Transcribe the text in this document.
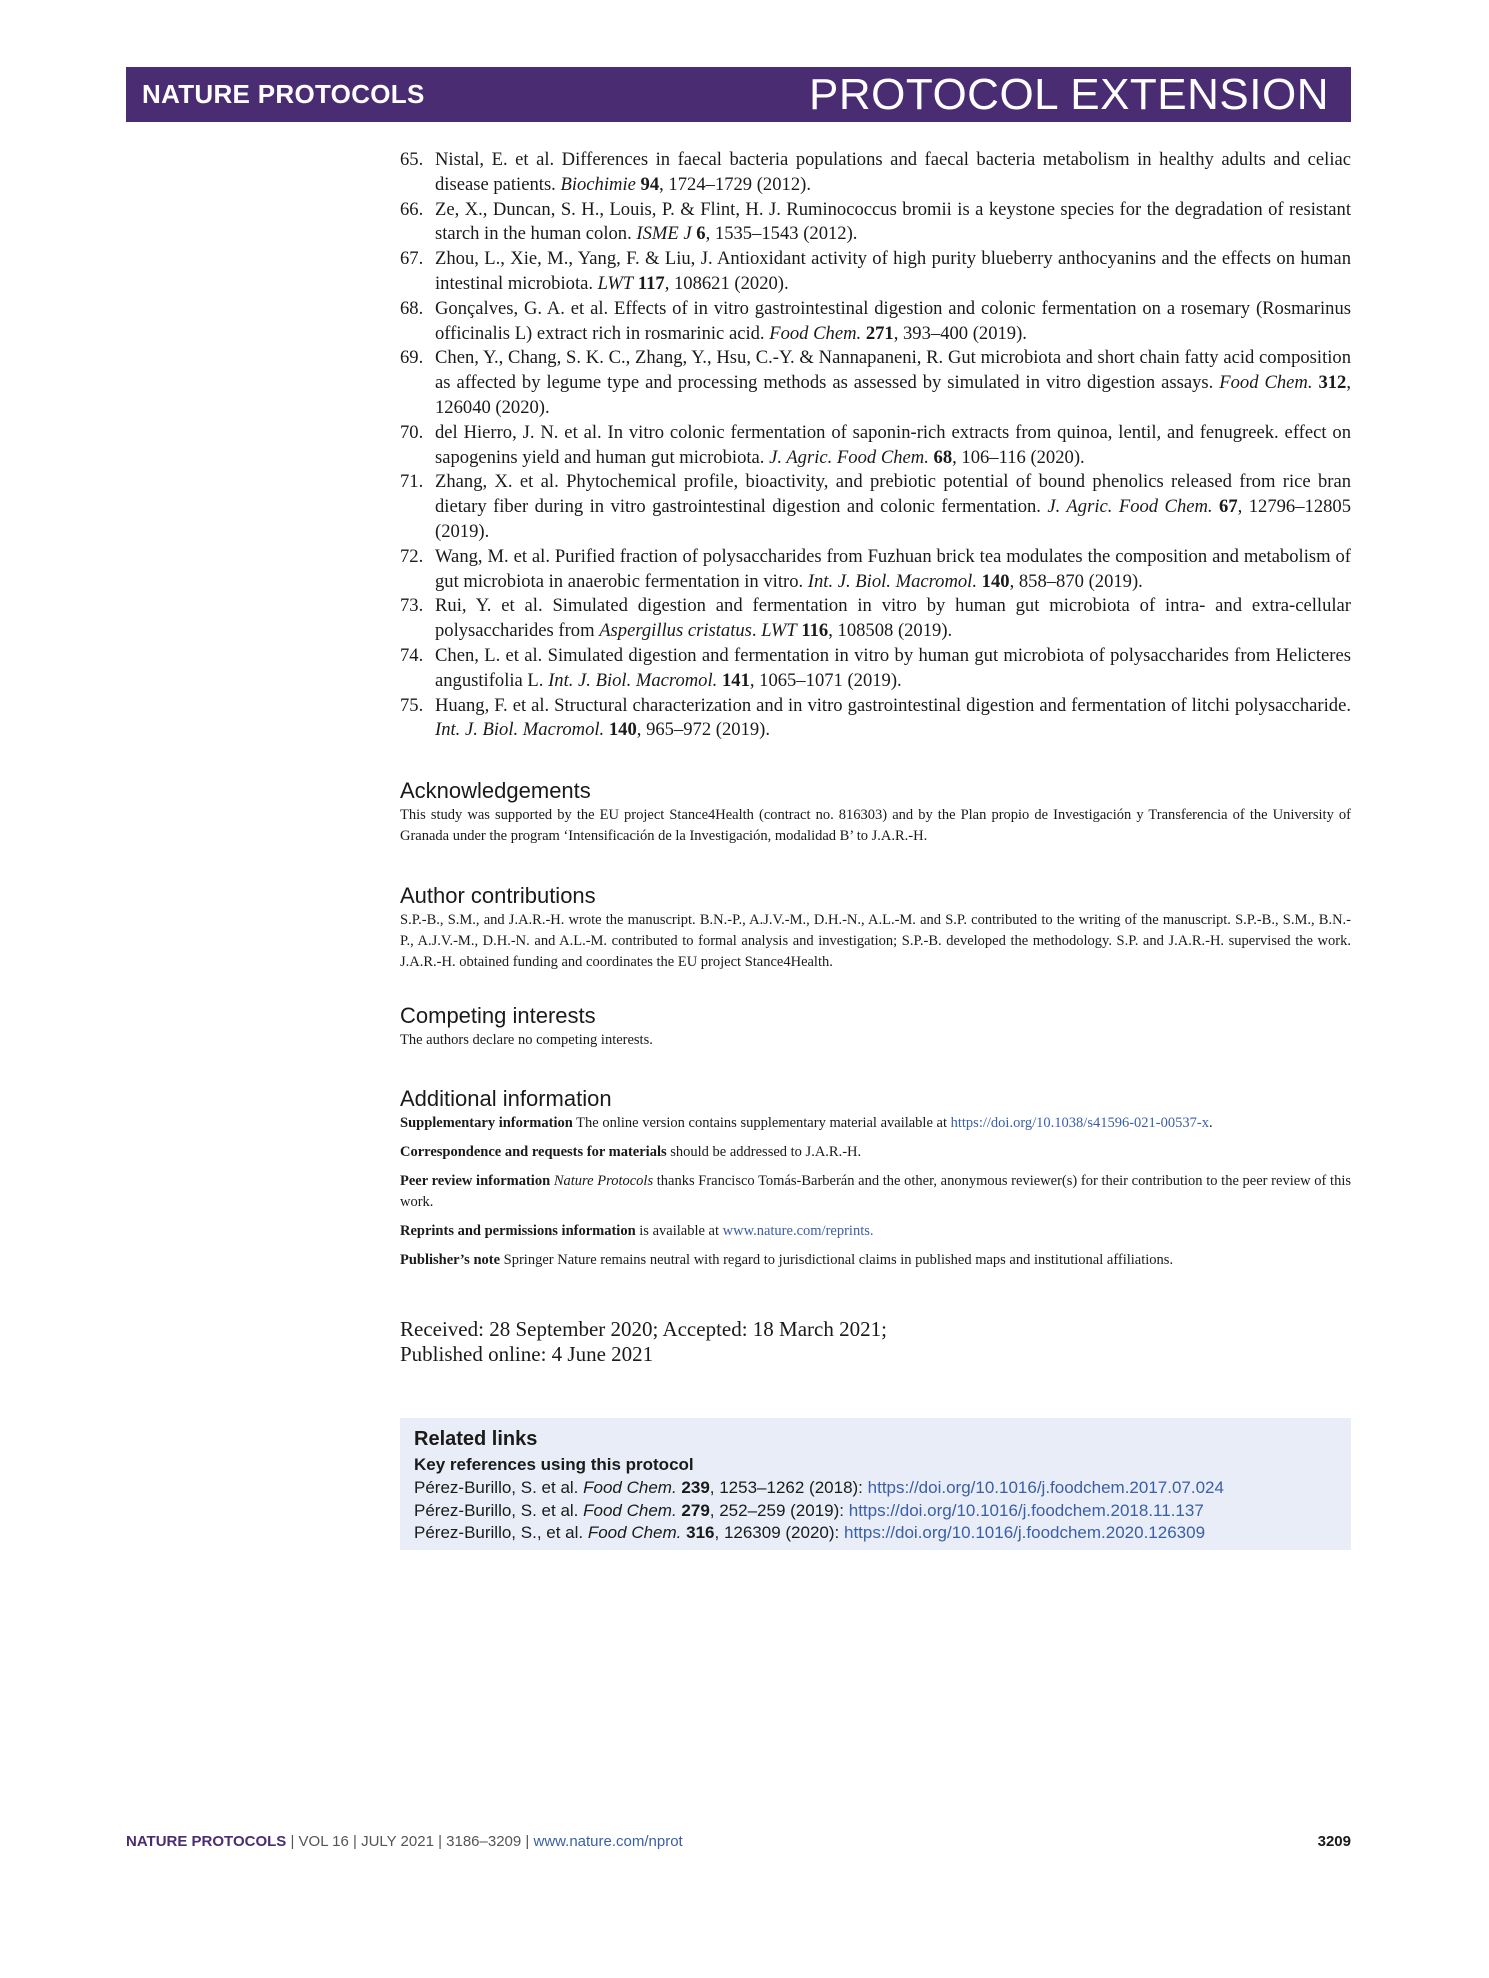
NATURE PROTOCOLS	PROTOCOL EXTENSION
65. Nistal, E. et al. Differences in faecal bacteria populations and faecal bacteria metabolism in healthy adults and celiac disease patients. Biochimie 94, 1724–1729 (2012).
66. Ze, X., Duncan, S. H., Louis, P. & Flint, H. J. Ruminococcus bromii is a keystone species for the degradation of resistant starch in the human colon. ISME J 6, 1535–1543 (2012).
67. Zhou, L., Xie, M., Yang, F. & Liu, J. Antioxidant activity of high purity blueberry anthocyanins and the effects on human intestinal microbiota. LWT 117, 108621 (2020).
68. Gonçalves, G. A. et al. Effects of in vitro gastrointestinal digestion and colonic fermentation on a rosemary (Rosmarinus officinalis L) extract rich in rosmarinic acid. Food Chem. 271, 393–400 (2019).
69. Chen, Y., Chang, S. K. C., Zhang, Y., Hsu, C.-Y. & Nannapaneni, R. Gut microbiota and short chain fatty acid composition as affected by legume type and processing methods as assessed by simulated in vitro digestion assays. Food Chem. 312, 126040 (2020).
70. del Hierro, J. N. et al. In vitro colonic fermentation of saponin-rich extracts from quinoa, lentil, and fenugreek. effect on sapogenins yield and human gut microbiota. J. Agric. Food Chem. 68, 106–116 (2020).
71. Zhang, X. et al. Phytochemical profile, bioactivity, and prebiotic potential of bound phenolics released from rice bran dietary fiber during in vitro gastrointestinal digestion and colonic fermentation. J. Agric. Food Chem. 67, 12796–12805 (2019).
72. Wang, M. et al. Purified fraction of polysaccharides from Fuzhuan brick tea modulates the composition and metabolism of gut microbiota in anaerobic fermentation in vitro. Int. J. Biol. Macromol. 140, 858–870 (2019).
73. Rui, Y. et al. Simulated digestion and fermentation in vitro by human gut microbiota of intra- and extra-cellular polysaccharides from Aspergillus cristatus. LWT 116, 108508 (2019).
74. Chen, L. et al. Simulated digestion and fermentation in vitro by human gut microbiota of polysaccharides from Helicteres angustifolia L. Int. J. Biol. Macromol. 141, 1065–1071 (2019).
75. Huang, F. et al. Structural characterization and in vitro gastrointestinal digestion and fermentation of litchi polysaccharide. Int. J. Biol. Macromol. 140, 965–972 (2019).
Acknowledgements

This study was supported by the EU project Stance4Health (contract no. 816303) and by the Plan propio de Investigación y Transferencia of the University of Granada under the program ‘Intensificación de la Investigación, modalidad B’ to J.A.R.-H.

Author contributions

S.P.-B., S.M., and J.A.R.-H. wrote the manuscript. B.N.-P., A.J.V.-M., D.H.-N., A.L.-M. and S.P. contributed to the writing of the manuscript. S.P.-B., S.M., B.N.-P., A.J.V.-M., D.H.-N. and A.L.-M. contributed to formal analysis and investigation; S.P.-B. developed the methodology. S.P. and J.A.R.-H. supervised the work. J.A.R.-H. obtained funding and coordinates the EU project Stance4Health.

Competing interests

The authors declare no competing interests.

Additional information

Supplementary information The online version contains supplementary material available at https://doi.org/10.1038/s41596-021-00537-x.

Correspondence and requests for materials should be addressed to J.A.R.-H.

Peer review information Nature Protocols thanks Francisco Tomás-Barberán and the other, anonymous reviewer(s) for their contribution to the peer review of this work.

Reprints and permissions information is available at www.nature.com/reprints.

Publisher’s note Springer Nature remains neutral with regard to jurisdictional claims in published maps and institutional affiliations.

Received: 28 September 2020; Accepted: 18 March 2021;
Published online: 4 June 2021
Related links
Key references using this protocol
Pérez-Burillo, S. et al. Food Chem. 239, 1253–1262 (2018): https://doi.org/10.1016/j.foodchem.2017.07.024
Pérez-Burillo, S. et al. Food Chem. 279, 252–259 (2019): https://doi.org/10.1016/j.foodchem.2018.11.137
Pérez-Burillo, S., et al. Food Chem. 316, 126309 (2020): https://doi.org/10.1016/j.foodchem.2020.126309
NATURE PROTOCOLS | VOL 16 | JULY 2021 | 3186–3209 | www.nature.com/nprot	3209
